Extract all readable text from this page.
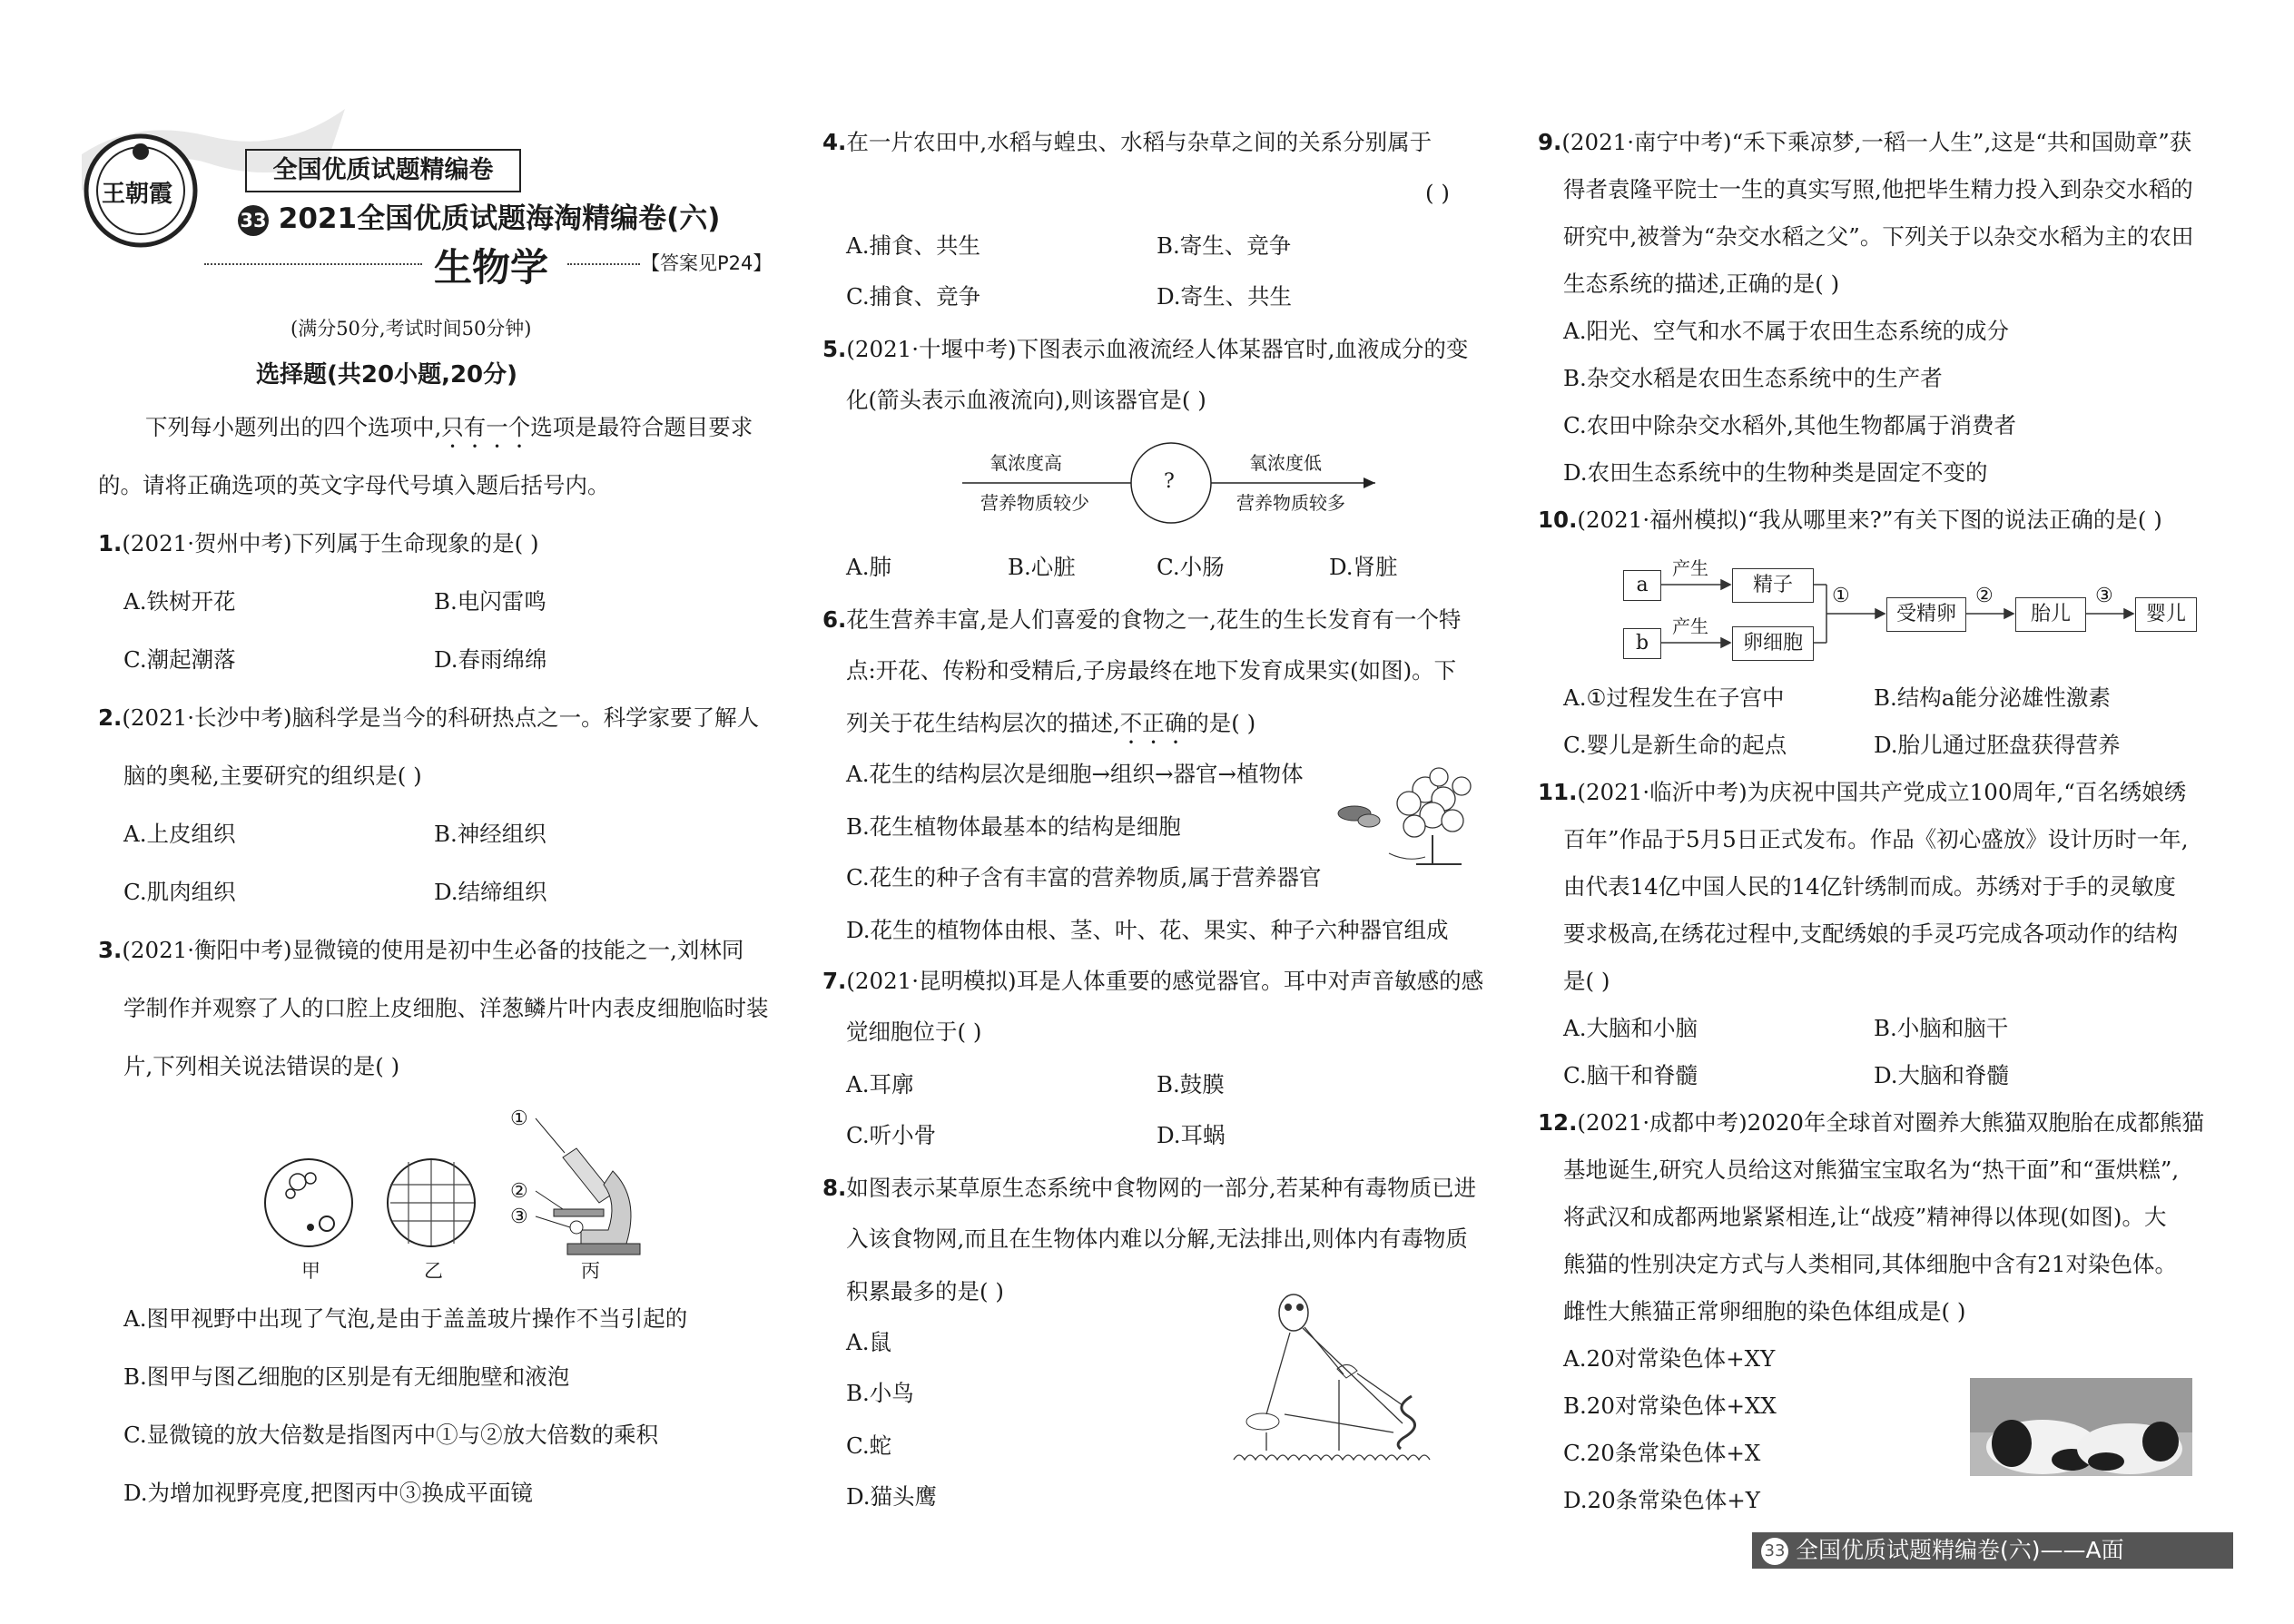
王朝霞
全国优质试题精编卷
33 2021全国优质试题海淘精编卷(六)
生物学	【答案见P24】
(满分50分,考试时间50分钟)
选择题(共20小题,20分)
下列每小题列出的四个选项中,只有一个选项是最符合题目要求
的。请将正确选项的英文字母代号填入题后括号内。
1.(2021·贺州中考)下列属于生命现象的是( )
A.铁树开花	B.电闪雷鸣
C.潮起潮落	D.春雨绵绵
2.(2021·长沙中考)脑科学是当今的科研热点之一。科学家要了解人
脑的奥秘,主要研究的组织是( )
A.上皮组织	B.神经组织
C.肌肉组织	D.结缔组织
3.(2021·衡阳中考)显微镜的使用是初中生必备的技能之一,刘林同
学制作并观察了人的口腔上皮细胞、洋葱鳞片叶内表皮细胞临时装
片,下列相关说法错误的是( )
①
②
③
甲	乙	丙
A.图甲视野中出现了气泡,是由于盖盖玻片操作不当引起的
B.图甲与图乙细胞的区别是有无细胞壁和液泡
C.显微镜的放大倍数是指图丙中①与②放大倍数的乘积
D.为增加视野亮度,把图丙中③换成平面镜
4.在一片农田中,水稻与蝗虫、水稻与杂草之间的关系分别属于
( )
A.捕食、共生	B.寄生、竞争
C.捕食、竞争	D.寄生、共生
5.(2021·十堰中考)下图表示血液流经人体某器官时,血液成分的变
化(箭头表示血液流向),则该器官是( )
氧浓度高
营养物质较少
?
氧浓度低
营养物质较多
A.肺	B.心脏	C.小肠	D.肾脏
6.花生营养丰富,是人们喜爱的食物之一,花生的生长发育有一个特
点:开花、传粉和受精后,子房最终在地下发育成果实(如图)。下
列关于花生结构层次的描述,不正确的是( )
A.花生的结构层次是细胞→组织→器官→植物体
B.花生植物体最基本的结构是细胞
C.花生的种子含有丰富的营养物质,属于营养器官
D.花生的植物体由根、茎、叶、花、果实、种子六种器官组成
7.(2021·昆明模拟)耳是人体重要的感觉器官。耳中对声音敏感的感
觉细胞位于( )
A.耳廓	B.鼓膜
C.听小骨	D.耳蜗
8.如图表示某草原生态系统中食物网的一部分,若某种有毒物质已进
入该食物网,而且在生物体内难以分解,无法排出,则体内有毒物质
积累最多的是( )
A.鼠
B.小鸟
C.蛇
D.猫头鹰
9.(2021·南宁中考)“禾下乘凉梦,一稻一人生”,这是“共和国勋章”获
得者袁隆平院士一生的真实写照,他把毕生精力投入到杂交水稻的
研究中,被誉为“杂交水稻之父”。下列关于以杂交水稻为主的农田
生态系统的描述,正确的是( )
A.阳光、空气和水不属于农田生态系统的成分
B.杂交水稻是农田生态系统中的生产者
C.农田中除杂交水稻外,其他生物都属于消费者
D.农田生态系统中的生物种类是固定不变的
10.(2021·福州模拟)“我从哪里来?”有关下图的说法正确的是( )
a
b
产生
产生
精子
卵细胞
①
受精卵
②
胎儿
③
婴儿
A.①过程发生在子宫中	B.结构a能分泌雄性激素
C.婴儿是新生命的起点	D.胎儿通过胚盘获得营养
11.(2021·临沂中考)为庆祝中国共产党成立100周年,“百名绣娘绣
百年”作品于5月5日正式发布。作品《初心盛放》设计历时一年,
由代表14亿中国人民的14亿针绣制而成。苏绣对于手的灵敏度
要求极高,在绣花过程中,支配绣娘的手灵巧完成各项动作的结构
是( )
A.大脑和小脑	B.小脑和脑干
C.脑干和脊髓	D.大脑和脊髓
12.(2021·成都中考)2020年全球首对圈养大熊猫双胞胎在成都熊猫
基地诞生,研究人员给这对熊猫宝宝取名为“热干面”和“蛋烘糕”,
将武汉和成都两地紧紧相连,让“战疫”精神得以体现(如图)。大
熊猫的性别决定方式与人类相同,其体细胞中含有21对染色体。
雌性大熊猫正常卵细胞的染色体组成是( )
A.20对常染色体+XY
B.20对常染色体+XX
C.20条常染色体+X
D.20条常染色体+Y
33 全国优质试题精编卷(六)——A面
